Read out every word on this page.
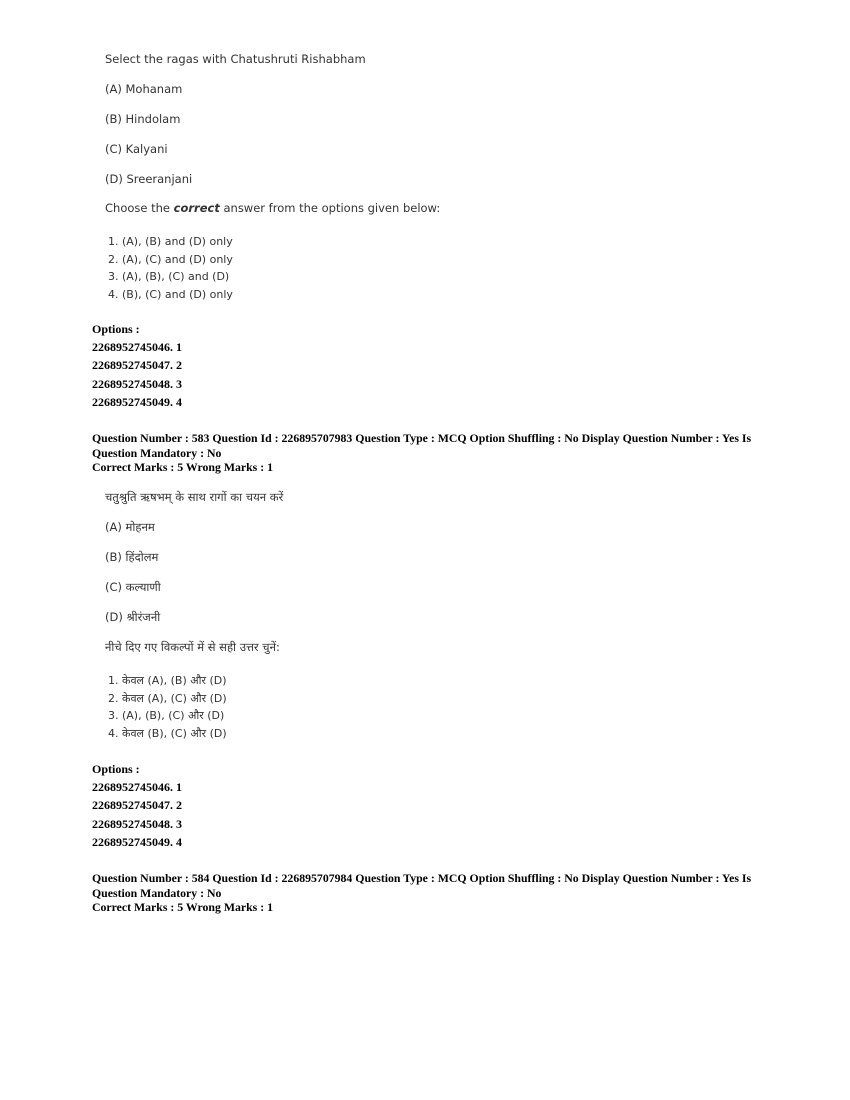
Select the ragas with Chatushruti Rishabham
(A) Mohanam
(B) Hindolam
(C) Kalyani
(D) Sreeranjani
Choose the correct answer from the options given below:
1. (A), (B) and (D) only
2. (A), (C) and (D) only
3. (A), (B), (C) and (D)
4. (B), (C) and (D) only
Options :
2268952745046. 1
2268952745047. 2
2268952745048. 3
2268952745049. 4
Question Number : 583 Question Id : 226895707983 Question Type : MCQ Option Shuffling : No Display Question Number : Yes Is
Question Mandatory : No
Correct Marks : 5 Wrong Marks : 1
चतुश्रुति ऋषभम् के साथ रागों का चयन करें
(A) मोहनम
(B) हिंदोलम
(C) कल्याणी
(D) श्रीरंजनी
नीचे दिए गए विकल्पों में से सही उत्तर चुनें:
1. केवल (A), (B) और (D)
2. केवल (A), (C) और (D)
3. (A), (B), (C) और (D)
4. केवल (B), (C) और (D)
Options :
2268952745046. 1
2268952745047. 2
2268952745048. 3
2268952745049. 4
Question Number : 584 Question Id : 226895707984 Question Type : MCQ Option Shuffling : No Display Question Number : Yes Is
Question Mandatory : No
Correct Marks : 5 Wrong Marks : 1
